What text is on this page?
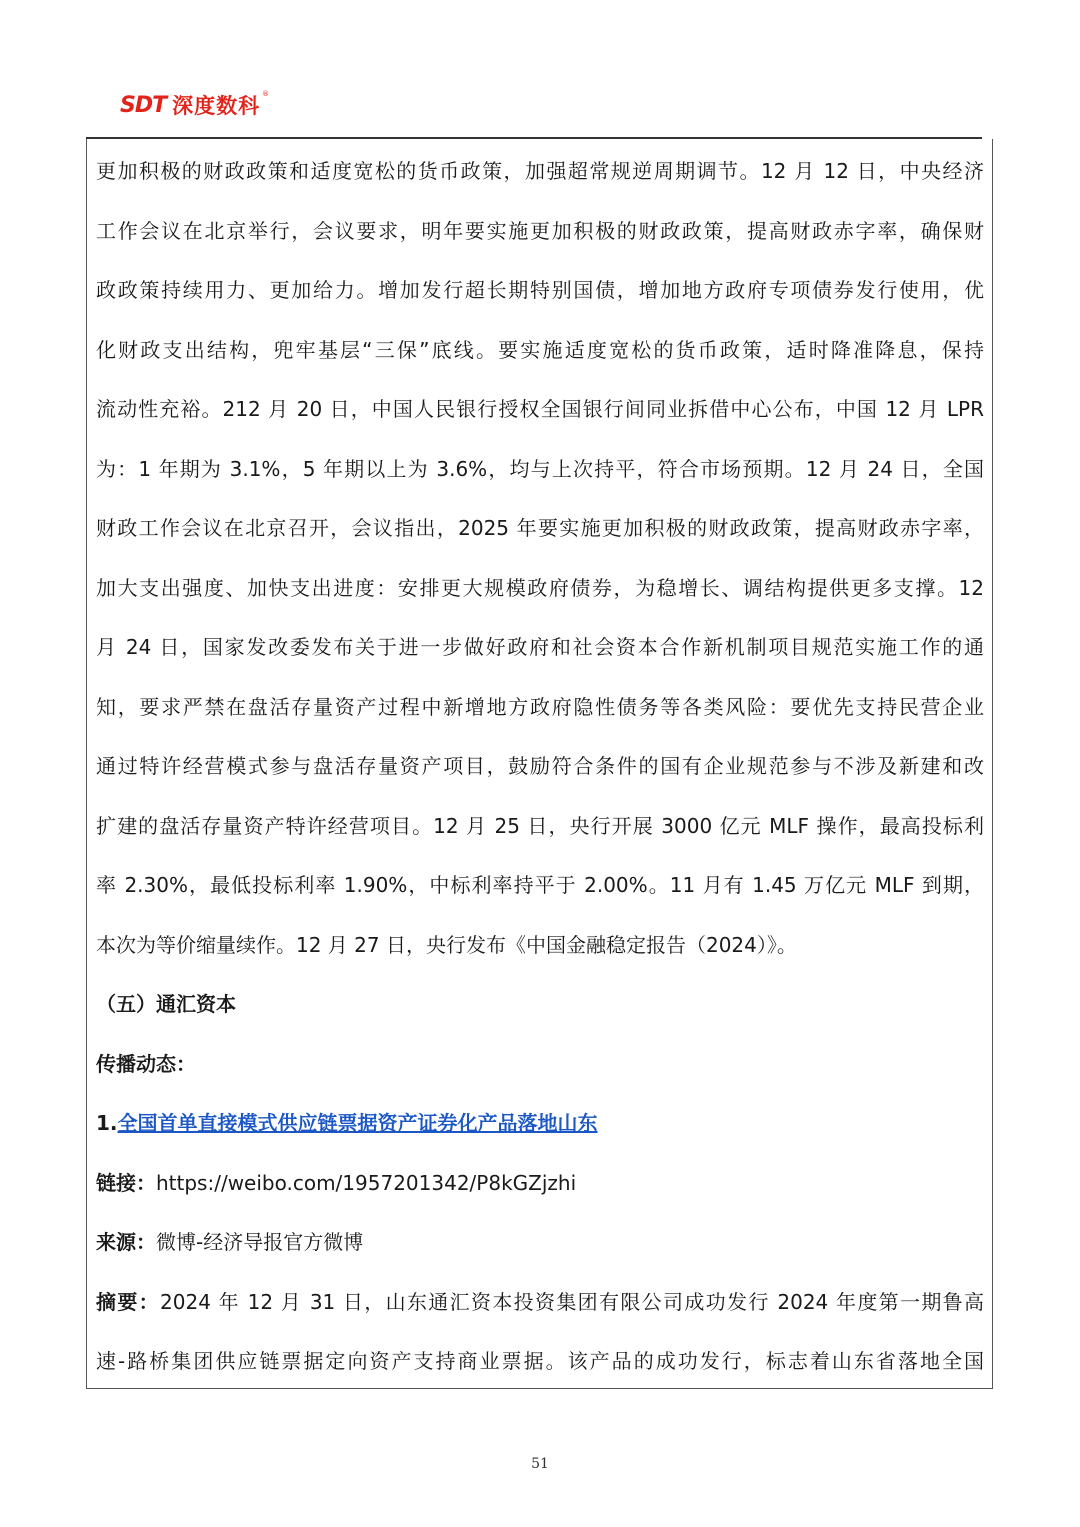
SDT 深度数科 ®

更加积极的财政政策和适度宽松的货币政策，加强超常规逆周期调节。12 月 12 日，中央经济
工作会议在北京举行，会议要求，明年要实施更加积极的财政政策，提高财政赤字率，确保财
政政策持续用力、更加给力。增加发行超长期特别国债，增加地方政府专项债券发行使用，优
化财政支出结构，兜牢基层“三保”底线。要实施适度宽松的货币政策，适时降准降息，保持
流动性充裕。212 月 20 日，中国人民银行授权全国银行间同业拆借中心公布，中国 12 月 LPR
为：1 年期为 3.1%，5 年期以上为 3.6%，均与上次持平，符合市场预期。12 月 24 日，全国
财政工作会议在北京召开，会议指出，2025 年要实施更加积极的财政政策，提高财政赤字率，
加大支出强度、加快支出进度：安排更大规模政府债券，为稳增长、调结构提供更多支撑。12
月 24 日，国家发改委发布关于进一步做好政府和社会资本合作新机制项目规范实施工作的通
知，要求严禁在盘活存量资产过程中新增地方政府隐性债务等各类风险：要优先支持民营企业
通过特许经营模式参与盘活存量资产项目，鼓励符合条件的国有企业规范参与不涉及新建和改
扩建的盘活存量资产特许经营项目。12 月 25 日，央行开展 3000 亿元 MLF 操作，最高投标利
率 2.30%，最低投标利率 1.90%，中标利率持平于 2.00%。11 月有 1.45 万亿元 MLF 到期，
本次为等价缩量续作。12 月 27 日，央行发布《中国金融稳定报告（2024）》。

（五）通汇资本

传播动态：

1.全国首单直接模式供应链票据资产证券化产品落地山东

链接：https://weibo.com/1957201342/P8kGZjzhi

来源：微博-经济导报官方微博

摘要：2024 年 12 月 31 日，山东通汇资本投资集团有限公司成功发行 2024 年度第一期鲁高
速-路桥集团供应链票据定向资产支持商业票据。该产品的成功发行，标志着山东省落地全国

51
